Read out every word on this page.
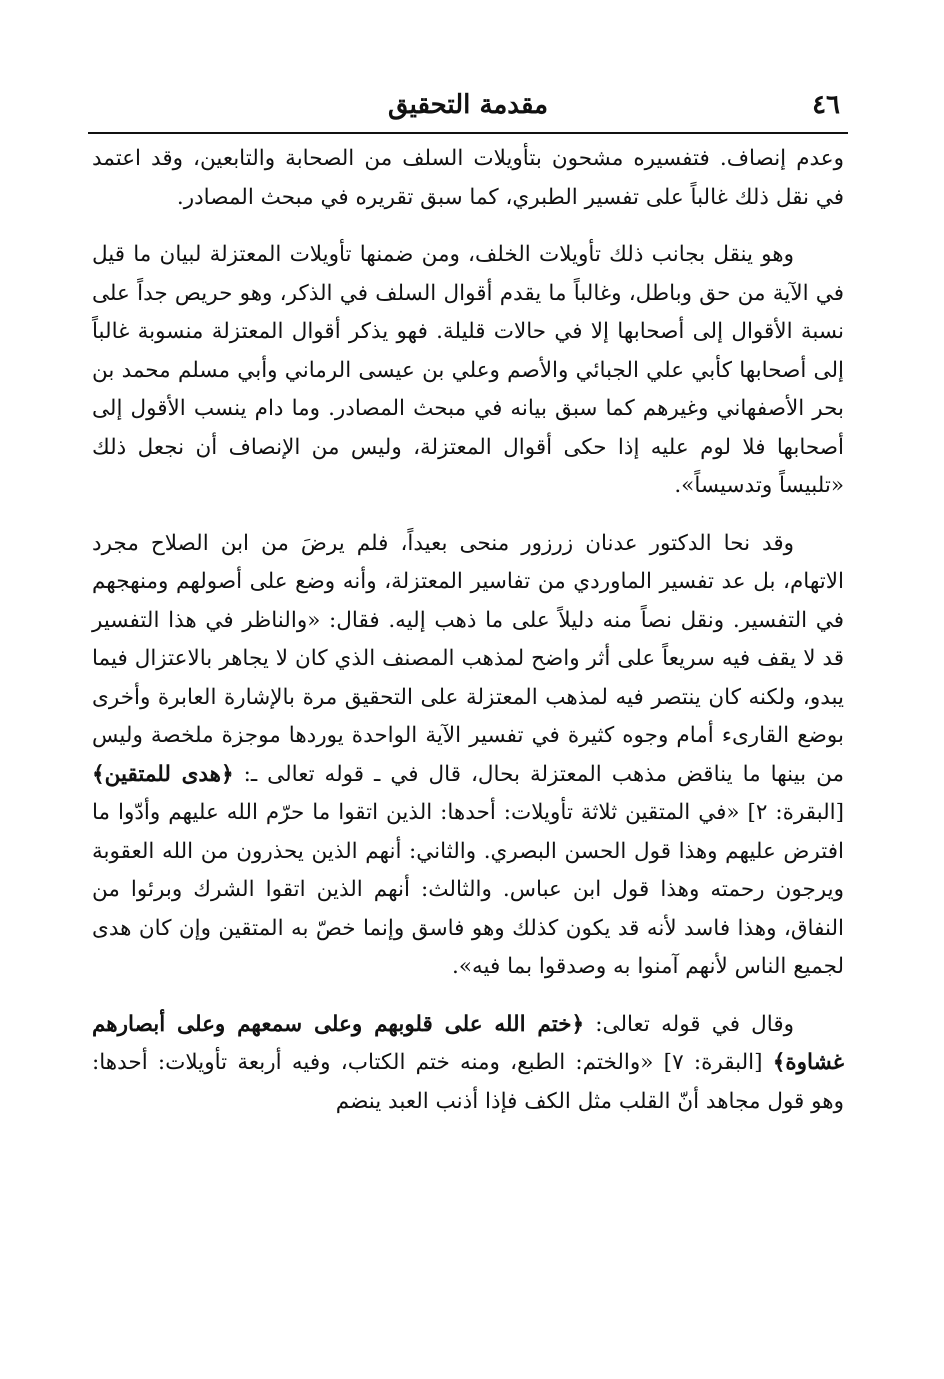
٤٦
مقدمة التحقيق

وعدم إنصاف. فتفسيره مشحون بتأويلات السلف من الصحابة والتابعين، وقد اعتمد في نقل ذلك غالباً على تفسير الطبري، كما سبق تقريره في مبحث المصادر.

وهو ينقل بجانب ذلك تأويلات الخلف، ومن ضمنها تأويلات المعتزلة لبيان ما قيل في الآية من حق وباطل، وغالباً ما يقدم أقوال السلف في الذكر، وهو حريص جداً على نسبة الأقوال إلى أصحابها إلا في حالات قليلة. فهو يذكر أقوال المعتزلة منسوبة غالباً إلى أصحابها كأبي علي الجبائي والأصم وعلي بن عيسى الرماني وأبي مسلم محمد بن بحر الأصفهاني وغيرهم كما سبق بيانه في مبحث المصادر. وما دام ينسب الأقول إلى أصحابها فلا لوم عليه إذا حكى أقوال المعتزلة، وليس من الإنصاف أن نجعل ذلك «تلبيساً وتدسيساً».

وقد نحا الدكتور عدنان زرزور منحى بعيداً، فلم يرضَ من ابن الصلاح مجرد الاتهام، بل عد تفسير الماوردي من تفاسير المعتزلة، وأنه وضع على أصولهم ومنهجهم في التفسير. ونقل نصاً منه دليلاً على ما ذهب إليه. فقال: «والناظر في هذا التفسير قد لا يقف فيه سريعاً على أثر واضح لمذهب المصنف الذي كان لا يجاهر بالاعتزال فيما يبدو، ولكنه كان ينتصر فيه لمذهب المعتزلة على التحقيق مرة بالإشارة العابرة وأخرى بوضع القارىء أمام وجوه كثيرة في تفسير الآية الواحدة يوردها موجزة ملخصة وليس من بينها ما يناقض مذهب المعتزلة بحال، قال في ـ قوله تعالى ـ: ﴿هدى للمتقين﴾ [البقرة: ٢] «في المتقين ثلاثة تأويلات: أحدها: الذين اتقوا ما حرّم الله عليهم وأدّوا ما افترض عليهم وهذا قول الحسن البصري. والثاني: أنهم الذين يحذرون من الله العقوبة ويرجون رحمته وهذا قول ابن عباس. والثالث: أنهم الذين اتقوا الشرك وبرئوا من النفاق، وهذا فاسد لأنه قد يكون كذلك وهو فاسق وإنما خصّ به المتقين وإن كان هدى لجميع الناس لأنهم آمنوا به وصدقوا بما فيه».

وقال في قوله تعالى: ﴿ختم الله على قلوبهم وعلى سمعهم وعلى أبصارهم غشاوة﴾ [البقرة: ٧] «والختم: الطبع، ومنه ختم الكتاب، وفيه أربعة تأويلات: أحدها: وهو قول مجاهد أنّ القلب مثل الكف فإذا أذنب العبد ينضم
